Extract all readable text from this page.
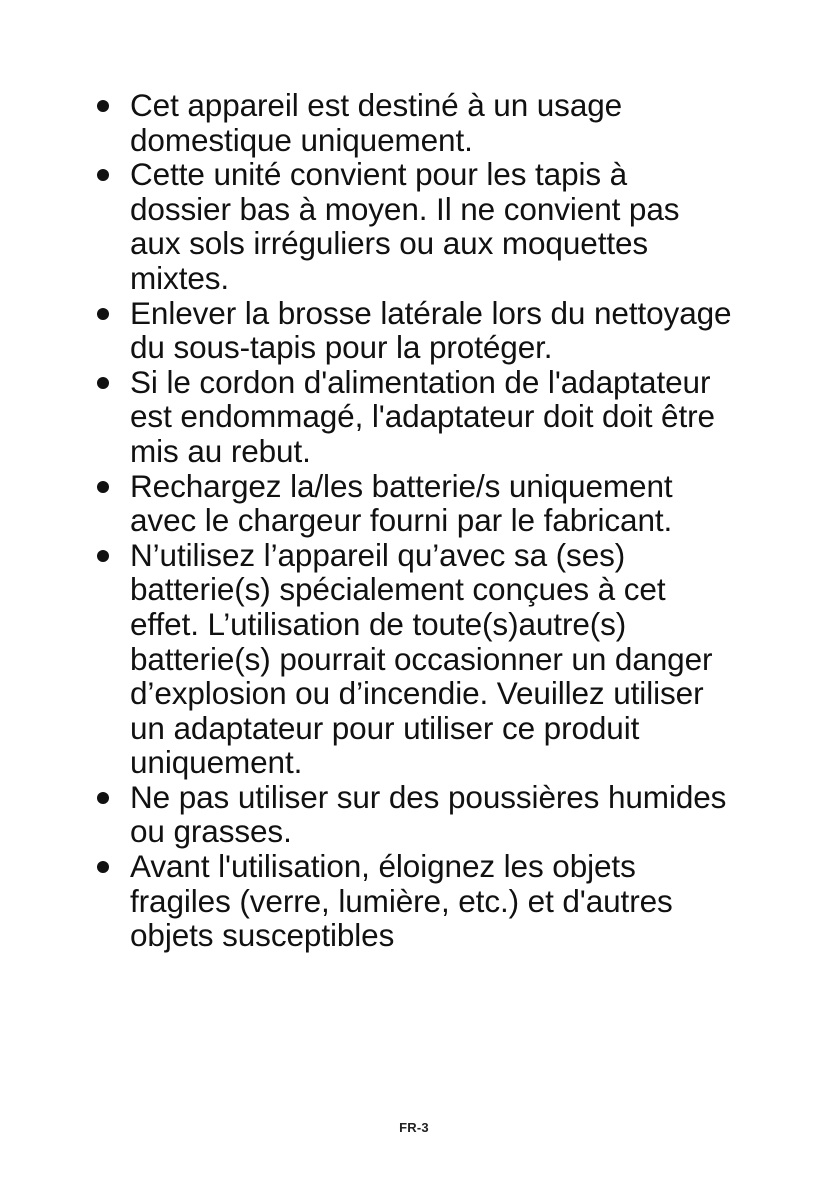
Cet appareil est destiné à un usage domestique uniquement.
Cette unité convient pour les tapis à dossier bas à moyen. Il ne convient pas aux sols irréguliers ou aux moquettes mixtes.
Enlever la brosse latérale lors du nettoyage du sous-tapis pour la protéger.
Si le cordon d'alimentation de l'adaptateur est endommagé, l'adaptateur doit doit être mis au rebut.
Rechargez la/les batterie/s uniquement avec le chargeur fourni par le fabricant.
N’utilisez l’appareil qu’avec sa (ses) batterie(s) spécialement conçues à cet effet. L’utilisation de toute(s)autre(s) batterie(s) pourrait occasionner un danger d’explosion ou d’incendie. Veuillez utiliser un adaptateur pour utiliser ce produit uniquement.
Ne pas utiliser sur des poussières humides ou grasses.
Avant l'utilisation, éloignez les objets fragiles (verre, lumière, etc.) et d'autres objets susceptibles
FR-3
